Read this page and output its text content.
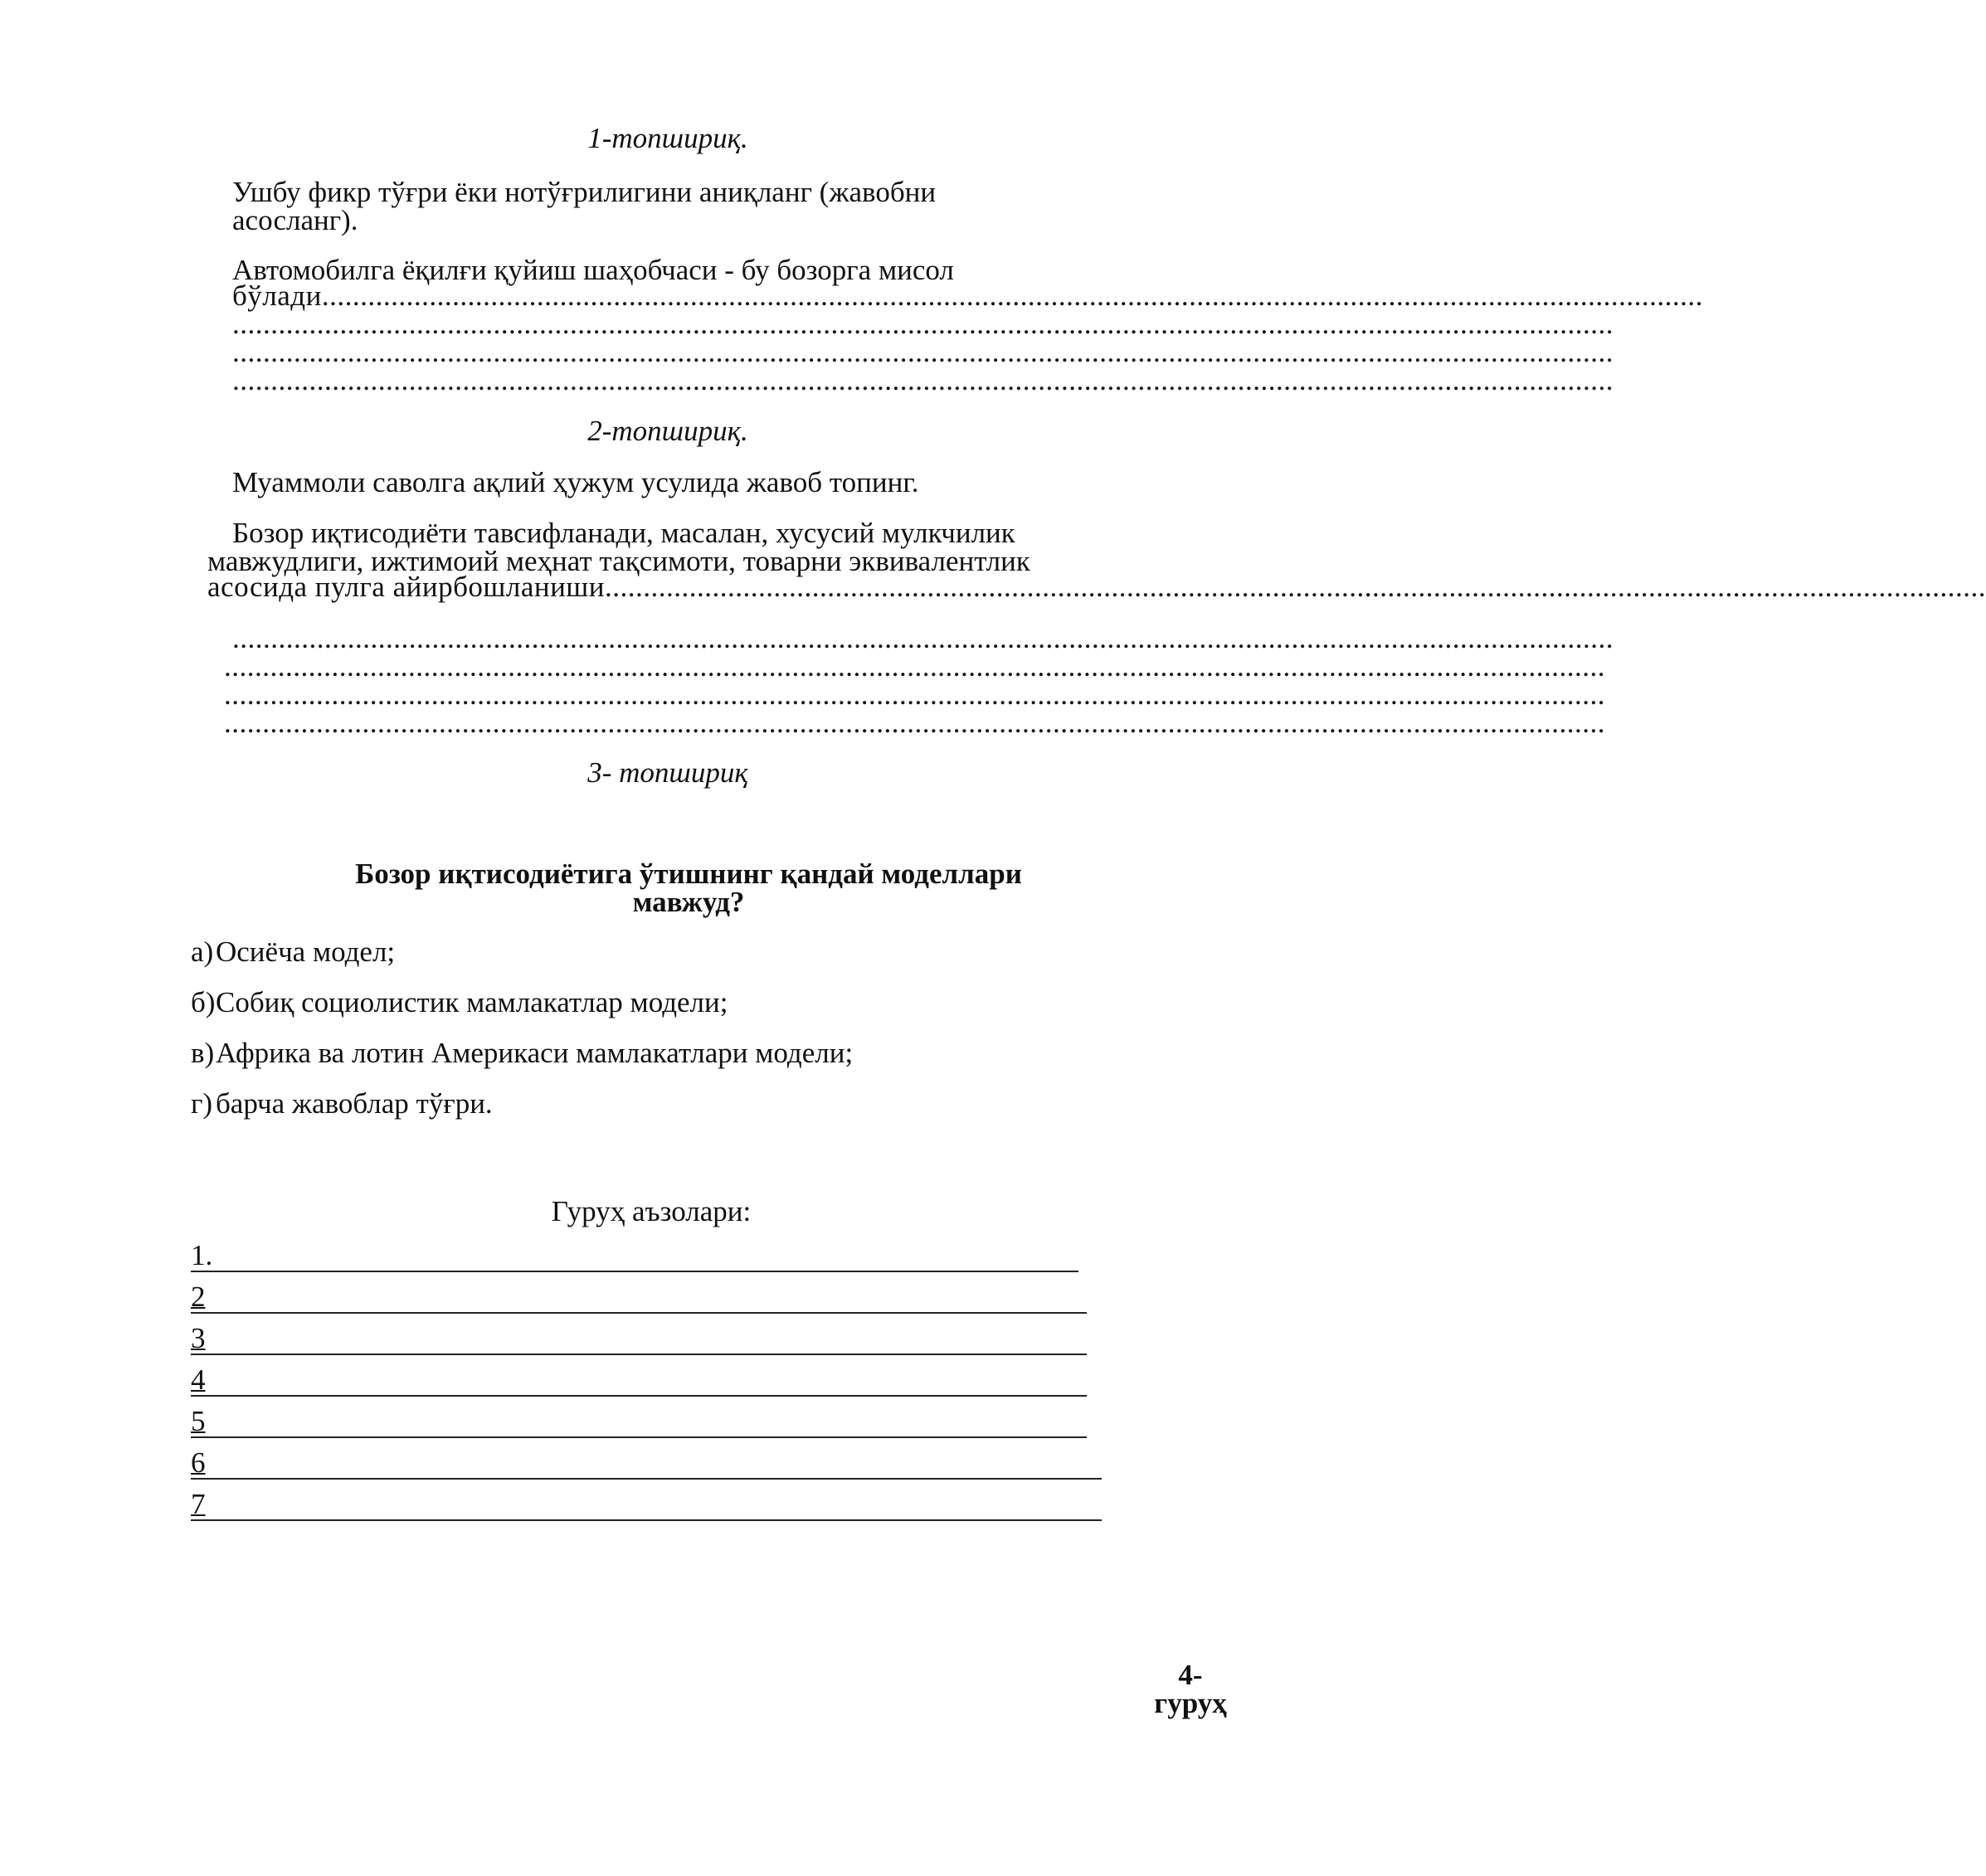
1-топшириқ.
Ушбу фикр тўғри ёки нотўғрилигини аниқланг (жавобни
асосланг).
Автомобилга ёқилғи қуйиш шаҳобчаси - бу бозорга мисол
бўлади....................................................................................................................................................................................
....................................................................................................................................................................................
....................................................................................................................................................................................
....................................................................................................................................................................................
2-топшириқ.
Муаммоли саволга ақлий ҳужум усулида жавоб топинг.
Бозор иқтисодиёти тавсифланади, масалан, хусусий мулкчилик
мавжудлиги, ижтимоий меҳнат тақсимоти, товарни эквивалентлик
асосида пулга айирбошланиши....................................................................................................................................................................................
....................................................................................................................................................................................
....................................................................................................................................................................................
....................................................................................................................................................................................
....................................................................................................................................................................................
3- топшириқ
Бозор иқтисодиётига ўтишнинг қандай моделлари
мавжуд?
а)Осиёча модел;
б)Собиқ социолистик мамлакатлар модели;
в)Африка ва лотин Америкаси мамлакатлари модели;
г) барча жавоблар тўғри.
Гуруҳ аъзолари:
1.
2
3
4
5
6
7
4-
гуруҳ
